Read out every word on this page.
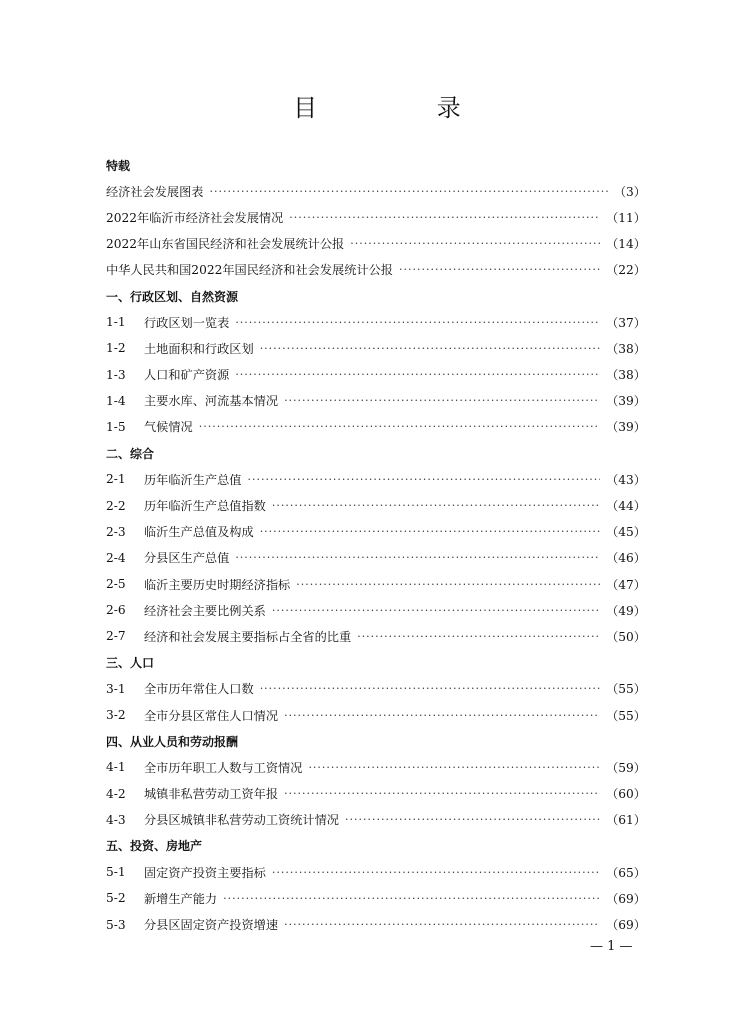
目 录
特载
经济社会发展图表 ·····	（3）
2022年临沂市经济社会发展情况 ·····	（11）
2022年山东省国民经济和社会发展统计公报 ·····	（14）
中华人民共和国2022年国民经济和社会发展统计公报 ·····	（22）
一、行政区划、自然资源
1-1	行政区划一览表 ·····	（37）
1-2	土地面积和行政区划 ·····	（38）
1-3	人口和矿产资源 ·····	（38）
1-4	主要水库、河流基本情况 ·····	（39）
1-5	气候情况 ·····	（39）
二、综合
2-1	历年临沂生产总值 ·····	（43）
2-2	历年临沂生产总值指数 ·····	（44）
2-3	临沂生产总值及构成 ·····	（45）
2-4	分县区生产总值 ·····	（46）
2-5	临沂主要历史时期经济指标 ·····	（47）
2-6	经济社会主要比例关系 ·····	（49）
2-7	经济和社会发展主要指标占全省的比重 ·····	（50）
三、人口
3-1	全市历年常住人口数 ·····	（55）
3-2	全市分县区常住人口情况 ·····	（55）
四、从业人员和劳动报酬
4-1	全市历年职工人数与工资情况 ·····	（59）
4-2	城镇非私营劳动工资年报 ·····	（60）
4-3	分县区城镇非私营劳动工资统计情况 ·····	（61）
五、投资、房地产
5-1	固定资产投资主要指标 ·····	（65）
5-2	新增生产能力 ·····	（69）
5-3	分县区固定资产投资增速 ·····	（69）
— 1 —
